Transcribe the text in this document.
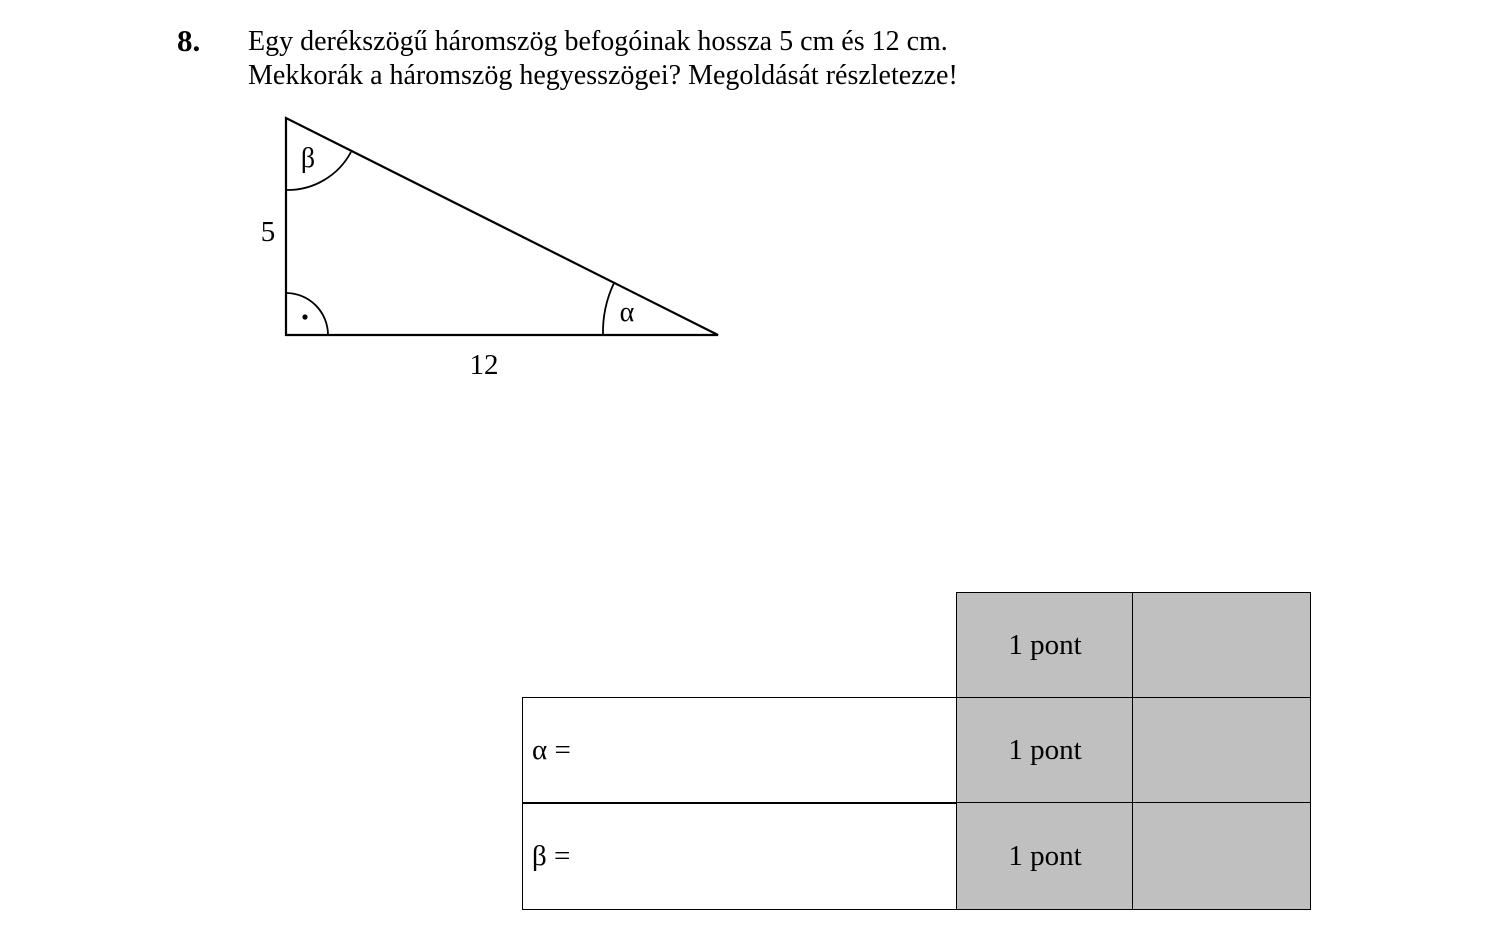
8. Egy derékszögű háromszög befogóinak hossza 5 cm és 12 cm.
Mekkorák a háromszög hegyesszögei? Megoldását részletezze!
β
α
5
12
1 pont
α =	1 pont
β =	1 pont
